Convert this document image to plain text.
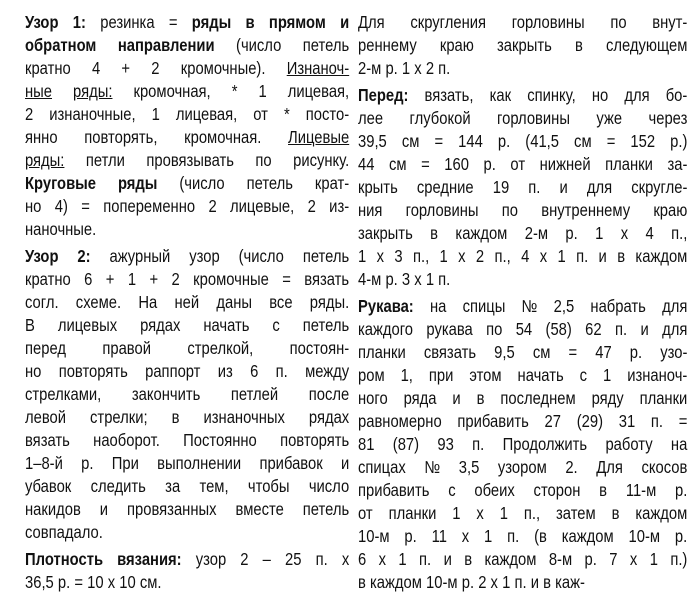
Узор 1: резинка = ряды в прямом и
обратном направлении (число петель
кратно 4 + 2 кромочные). Изнаноч-
ные ряды: кромочная, * 1 лицевая,
2 изнаночные, 1 лицевая, от * посто-
янно повторять, кромочная. Лицевые
ряды: петли провязывать по рисунку.
Круговые ряды (число петель крат-
но 4) = попеременно 2 лицевые, 2 из-
наночные.
Узор 2: ажурный узор (число петель
кратно 6 + 1 + 2 кромочные = вязать
согл. схеме. На ней даны все ряды.
В лицевых рядах начать с петель
перед правой стрелкой, постоян-
но повторять раппорт из 6 п. между
стрелками, закончить петлей после
левой стрелки; в изнаночных рядах
вязать наоборот. Постоянно повторять
1–8-й р. При выполнении прибавок и
убавок следить за тем, чтобы число
накидов и провязанных вместе петель
совпадало.
Плотность вязания: узор 2 – 25 п. х
36,5 р. = 10 х 10 см.
Для скругления горловины по внут-
реннему краю закрыть в следующем
2-м р. 1 х 2 п.
Перед: вязать, как спинку, но для бо-
лее глубокой горловины уже через
39,5 см = 144 р. (41,5 см = 152 р.)
44 см = 160 р. от нижней планки за-
крыть средние 19 п. и для скругле-
ния горловины по внутреннему краю
закрыть в каждом 2-м р. 1 х 4 п.,
1 х 3 п., 1 х 2 п., 4 х 1 п. и в каждом
4-м р. 3 х 1 п.
Рукава: на спицы № 2,5 набрать для
каждого рукава по 54 (58) 62 п. и для
планки связать 9,5 см = 47 р. узо-
ром 1, при этом начать с 1 изнаноч-
ного ряда и в последнем ряду планки
равномерно прибавить 27 (29) 31 п. =
81 (87) 93 п. Продолжить работу на
спицах № 3,5 узором 2. Для скосов
прибавить с обеих сторон в 11-м р.
от планки 1 х 1 п., затем в каждом
10-м р. 11 х 1 п. (в каждом 10-м р.
6 х 1 п. и в каждом 8-м р. 7 х 1 п.)
в каждом 10-м р. 2 х 1 п. и в каж-
